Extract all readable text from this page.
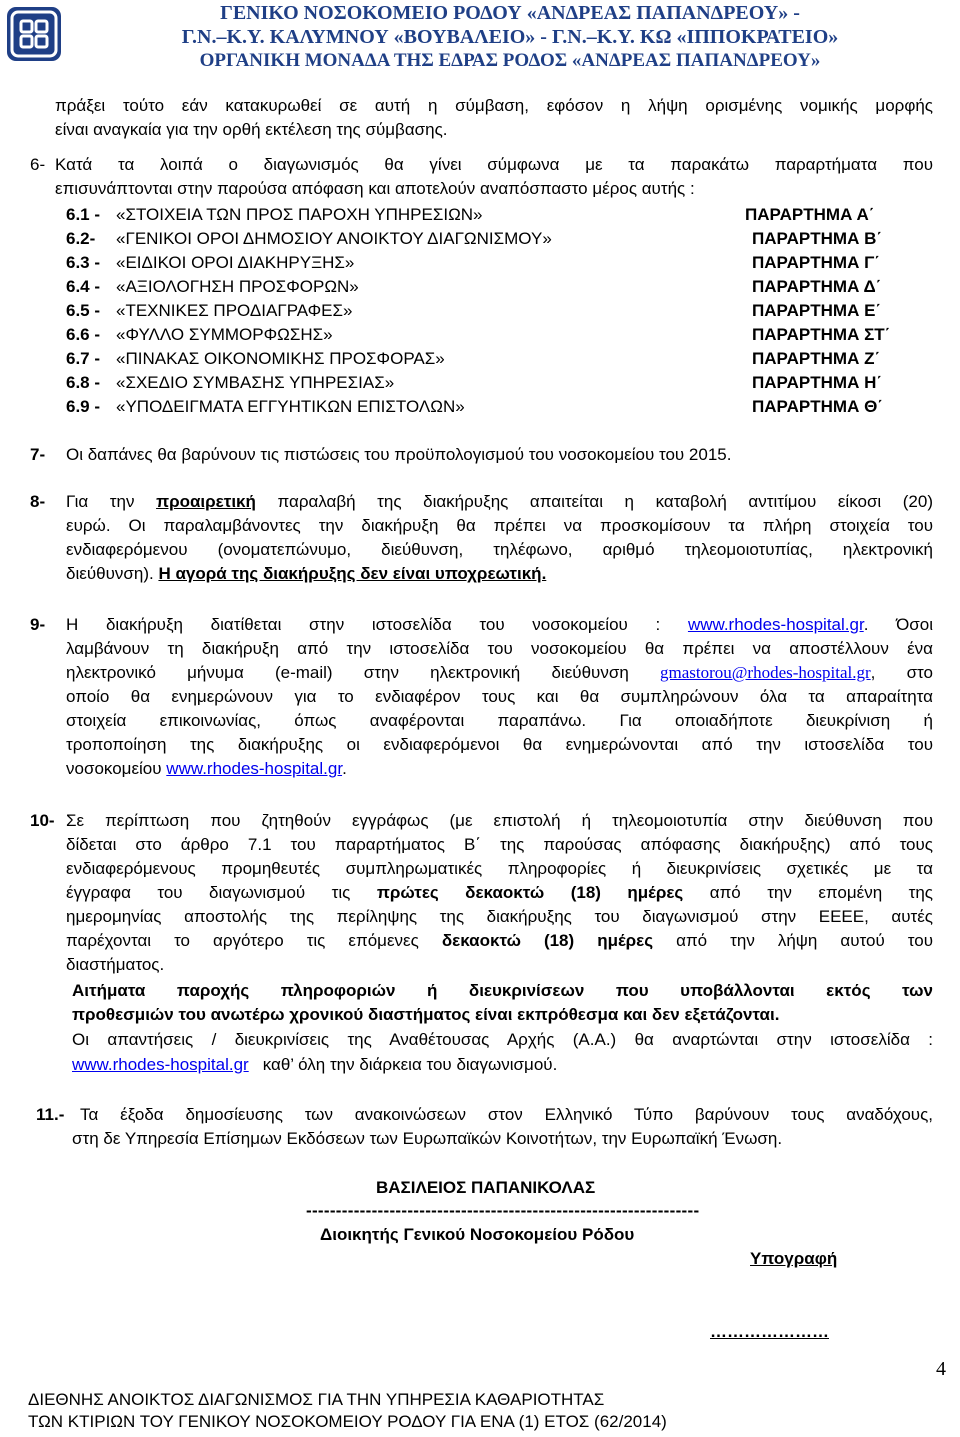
ΓΕΝΙΚΟ ΝΟΣΟΚΟΜΕΙΟ ΡΟΔΟΥ «ΑΝΔΡΕΑΣ ΠΑΠΑΝΔΡΕΟΥ» -
Γ.Ν.–Κ.Υ. ΚΑΛΥΜΝΟΥ «ΒΟΥΒΑΛΕΙΟ» - Γ.Ν.–Κ.Υ. ΚΩ «ΙΠΠΟΚΡΑΤΕΙΟ»
ΟΡΓΑΝΙΚΗ ΜΟΝΑΔΑ ΤΗΣ ΕΔΡΑΣ ΡΟΔΟΣ «ΑΝΔΡΕΑΣ ΠΑΠΑΝΔΡΕΟΥ»
πράξει τούτο εάν κατακυρωθεί σε αυτή η σύμβαση, εφόσον η λήψη ορισμένης νομικής μορφής
είναι αναγκαία για την ορθή εκτέλεση της σύμβασης.
6- Κατά τα λοιπά ο διαγωνισμός θα γίνει σύμφωνα με τα παρακάτω παραρτήματα που
επισυνάπτονται στην παρούσα απόφαση και αποτελούν αναπόσπαστο μέρος αυτής :
6.1 - «ΣΤΟΙΧΕΙΑ ΤΩΝ ΠΡΟΣ ΠΑΡΟΧΗ ΥΠΗΡΕΣΙΩΝ»	ΠΑΡΑΡΤΗΜΑ Α΄
6.2- «ΓΕΝΙΚΟΙ ΟΡΟΙ ΔΗΜΟΣΙΟΥ ΑΝΟΙΚΤΟΥ ΔΙΑΓΩΝΙΣΜΟΥ»	ΠΑΡΑΡΤΗΜΑ Β΄
6.3 - «ΕΙΔΙΚΟΙ ΟΡΟΙ ΔΙΑΚΗΡΥΞΗΣ»	ΠΑΡΑΡΤΗΜΑ Γ΄
6.4 - «ΑΞΙΟΛΟΓΗΣΗ ΠΡΟΣΦΟΡΩΝ»	ΠΑΡΑΡΤΗΜΑ Δ΄
6.5 - «ΤΕΧΝΙΚΕΣ ΠΡΟΔΙΑΓΡΑΦΕΣ»	ΠΑΡΑΡΤΗΜΑ Ε΄
6.6 - «ΦΥΛΛΟ ΣΥΜΜΟΡΦΩΣΗΣ»	ΠΑΡΑΡΤΗΜΑ ΣΤ΄
6.7 - «ΠΙΝΑΚΑΣ ΟΙΚΟΝΟΜΙΚΗΣ ΠΡΟΣΦΟΡΑΣ»	ΠΑΡΑΡΤΗΜΑ Ζ΄
6.8 - «ΣΧΕΔΙΟ ΣΥΜΒΑΣΗΣ ΥΠΗΡΕΣΙΑΣ»	ΠΑΡΑΡΤΗΜΑ Η΄
6.9 - «ΥΠΟΔΕΙΓΜΑΤΑ ΕΓΓΥΗΤΙΚΩΝ ΕΠΙΣΤΟΛΩΝ»	ΠΑΡΑΡΤΗΜΑ Θ΄
7- Οι δαπάνες θα βαρύνουν τις πιστώσεις του προϋπολογισμού του νοσοκομείου του 2015.
8- Για την προαιρετική παραλαβή της διακήρυξης απαιτείται η καταβολή αντιτίμου είκοσι (20)
ευρώ. Οι παραλαμβάνοντες την διακήρυξη θα πρέπει να προσκομίσουν τα πλήρη στοιχεία του
ενδιαφερόμενου (ονοματεπώνυμο, διεύθυνση, τηλέφωνο, αριθμό τηλεομοιοτυπίας, ηλεκτρονική
διεύθυνση). Η αγορά της διακήρυξης δεν είναι υποχρεωτική.
9- Η διακήρυξη διατίθεται στην ιστοσελίδα του νοσοκομείου : www.rhodes-hospital.gr. Όσοι
λαμβάνουν τη διακήρυξη από την ιστοσελίδα του νοσοκομείου θα πρέπει να αποστέλλουν ένα
ηλεκτρονικό μήνυμα (e-mail) στην ηλεκτρονική διεύθυνση gmastorou@rhodes-hospital.gr, στο
οποίο θα ενημερώνουν για το ενδιαφέρον τους και θα συμπληρώνουν όλα τα απαραίτητα
στοιχεία επικοινωνίας, όπως αναφέρονται παραπάνω. Για οποιαδήποτε διευκρίνιση ή
τροποποίηση της διακήρυξης οι ενδιαφερόμενοι θα ενημερώνονται από την ιστοσελίδα του
νοσοκομείου www.rhodes-hospital.gr.
10- Σε περίπτωση που ζητηθούν εγγράφως (με επιστολή ή τηλεομοιοτυπία στην διεύθυνση που
δίδεται στο άρθρο 7.1 του παραρτήματος Β΄ της παρούσας απόφασης διακήρυξης) από τους
ενδιαφερόμενους προμηθευτές συμπληρωματικές πληροφορίες ή διευκρινίσεις σχετικές με τα
έγγραφα του διαγωνισμού τις πρώτες δεκαοκτώ (18) ημέρες από την επομένη της
ημερομηνίας αποστολής της περίληψης της διακήρυξης του διαγωνισμού στην ΕΕΕΕ, αυτές
παρέχονται το αργότερο τις επόμενες δεκαοκτώ (18) ημέρες από την λήψη αυτού του
διαστήματος.
Αιτήματα παροχής πληροφοριών ή διευκρινίσεων που υποβάλλονται εκτός των
προθεσμιών του ανωτέρω χρονικού διαστήματος είναι εκπρόθεσμα και δεν εξετάζονται.
Οι απαντήσεις / διευκρινίσεις της Αναθέτουσας Αρχής (Α.Α.) θα αναρτώνται στην ιστοσελίδα :
www.rhodes-hospital.gr καθ’ όλη την διάρκεια του διαγωνισμού.
11.- Τα έξοδα δημοσίευσης των ανακοινώσεων στον Ελληνικό Τύπο βαρύνουν τους αναδόχους,
στη δε Υπηρεσία Επίσημων Εκδόσεων των Ευρωπαϊκών Κοινοτήτων, την Ευρωπαϊκή Ένωση.
ΒΑΣΙΛΕΙΟΣ ΠΑΠΑΝΙΚΟΛΑΣ
------------------------------------------------------------------
Διοικητής Γενικού Νοσοκομείου Ρόδου
Υπογραφή
…………………
4
ΔΙΕΘΝΗΣ ΑΝΟΙΚΤΟΣ ΔΙΑΓΩΝΙΣΜΟΣ ΓΙΑ ΤΗΝ ΥΠΗΡΕΣΙΑ ΚΑΘΑΡΙΟΤΗΤΑΣ
ΤΩΝ ΚΤΙΡΙΩΝ ΤΟΥ ΓΕΝΙΚΟΥ ΝΟΣΟΚΟΜΕΙΟΥ ΡΟΔΟΥ ΓΙΑ ΕΝΑ (1) ΕΤΟΣ (62/2014)
